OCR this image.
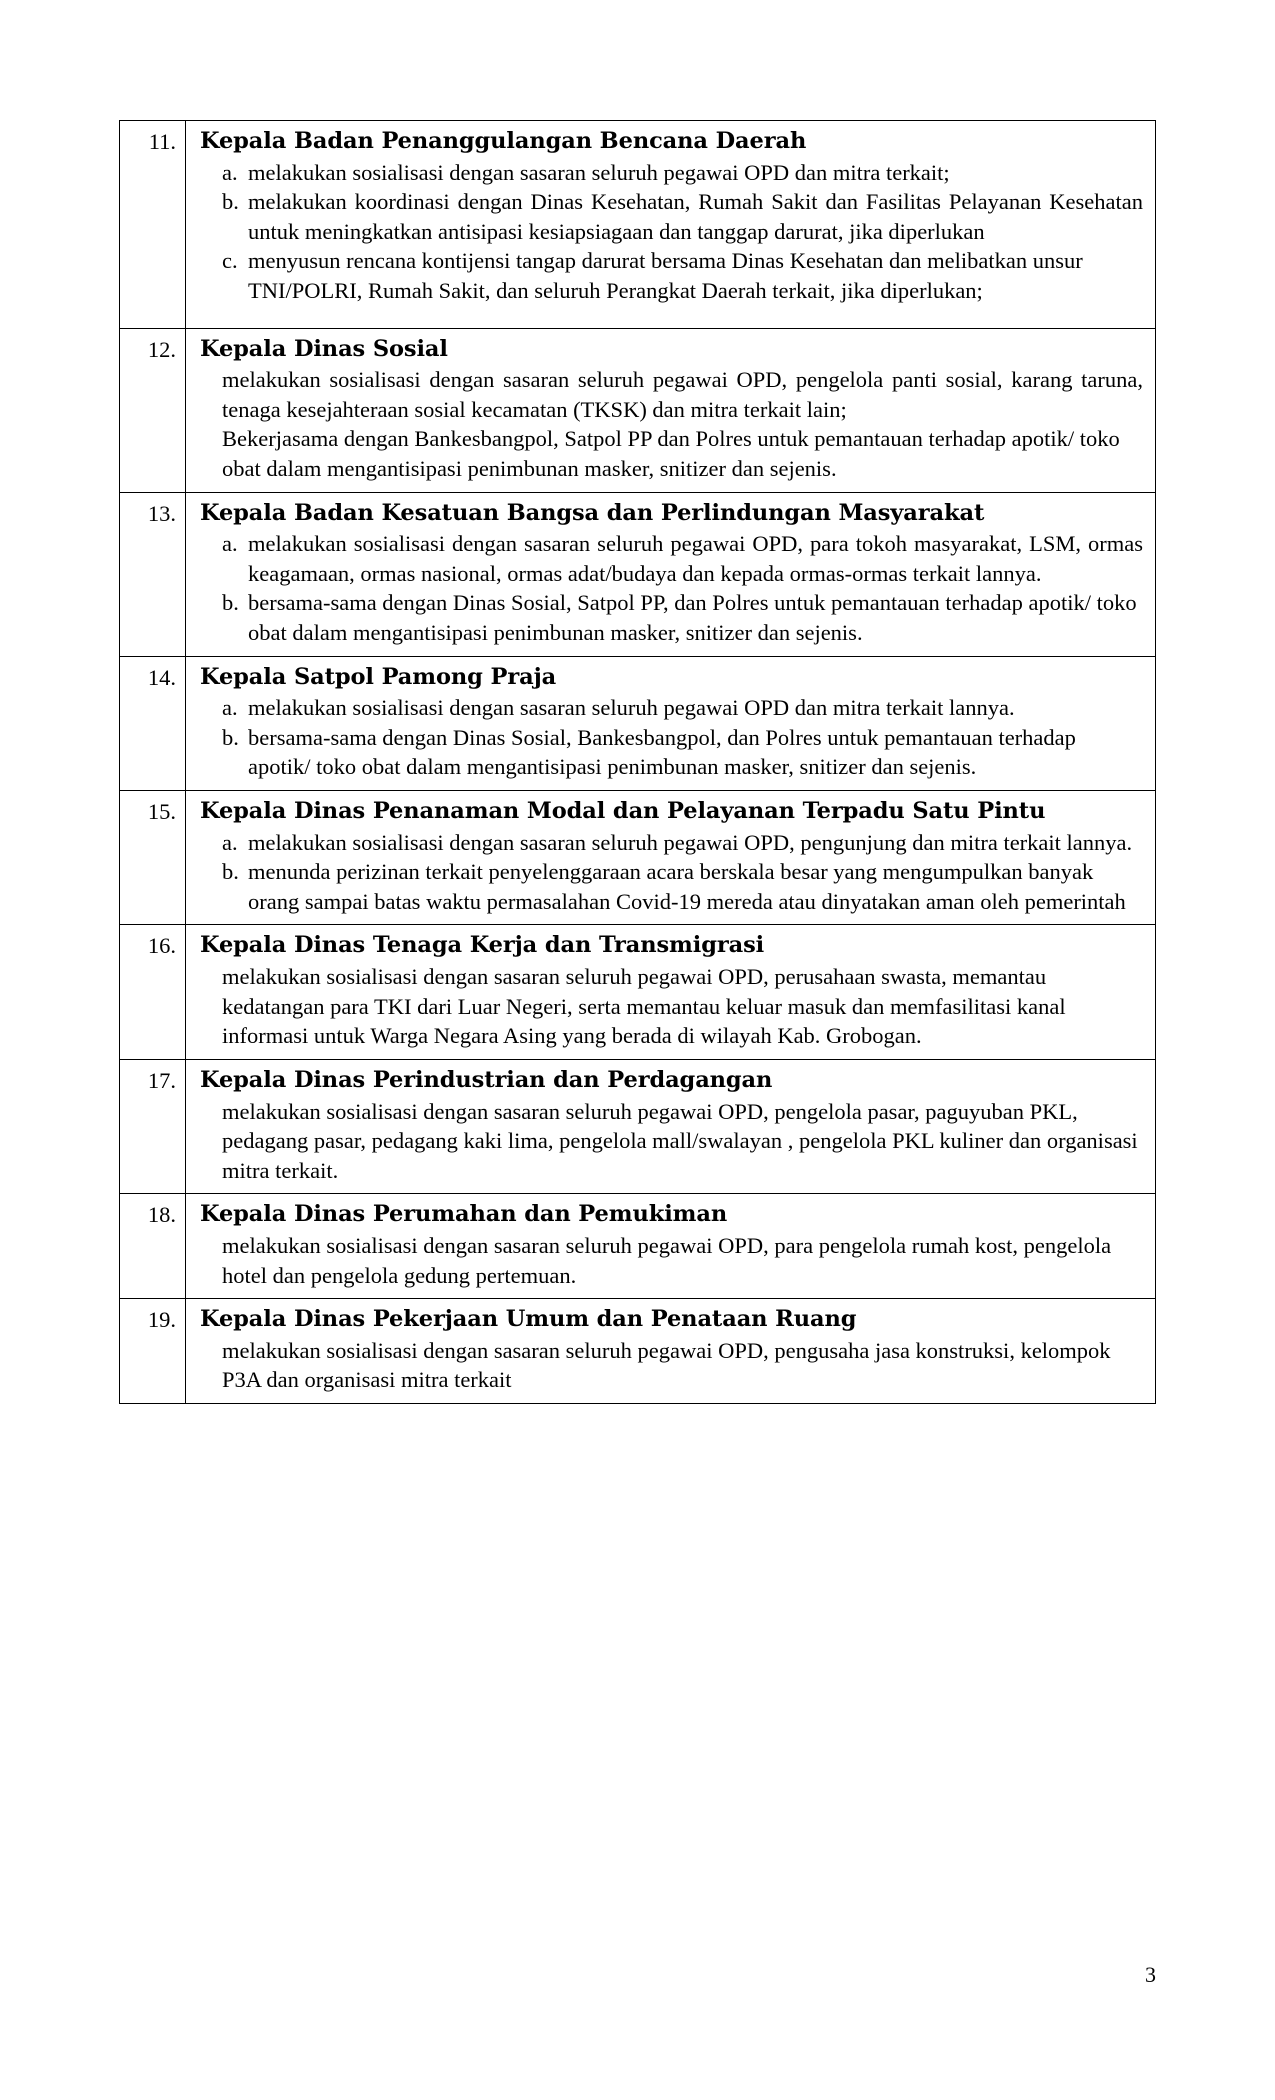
11.	Kepala Badan Penanggulangan Bencana Daerah
a. melakukan sosialisasi dengan sasaran seluruh pegawai OPD dan mitra terkait;
b. melakukan koordinasi dengan Dinas Kesehatan, Rumah Sakit dan Fasilitas Pelayanan Kesehatan untuk meningkatkan antisipasi kesiapsiagaan dan tanggap darurat, jika diperlukan
c. menyusun rencana kontijensi tangap darurat bersama Dinas Kesehatan dan melibatkan unsur TNI/POLRI, Rumah Sakit, dan seluruh Perangkat Daerah terkait, jika diperlukan;

12.	Kepala Dinas Sosial
melakukan sosialisasi dengan sasaran seluruh pegawai OPD, pengelola panti sosial, karang taruna, tenaga kesejahteraan sosial kecamatan (TKSK) dan mitra terkait lain;
Bekerjasama dengan Bankesbangpol, Satpol PP dan Polres untuk pemantauan terhadap apotik/ toko obat dalam mengantisipasi penimbunan masker, snitizer dan sejenis.

13.	Kepala Badan Kesatuan Bangsa dan Perlindungan Masyarakat
a. melakukan sosialisasi dengan sasaran seluruh pegawai OPD, para tokoh masyarakat, LSM, ormas keagamaan, ormas nasional, ormas adat/budaya dan kepada ormas-ormas terkait lannya.
b. bersama-sama dengan Dinas Sosial, Satpol PP, dan Polres untuk pemantauan terhadap apotik/ toko obat dalam mengantisipasi penimbunan masker, snitizer dan sejenis.

14.	Kepala Satpol Pamong Praja
a. melakukan sosialisasi dengan sasaran seluruh pegawai OPD dan mitra terkait lannya.
b. bersama-sama dengan Dinas Sosial, Bankesbangpol, dan Polres untuk pemantauan terhadap apotik/ toko obat dalam mengantisipasi penimbunan masker, snitizer dan sejenis.

15.	Kepala Dinas Penanaman Modal dan Pelayanan Terpadu Satu Pintu
a. melakukan sosialisasi dengan sasaran seluruh pegawai OPD, pengunjung dan mitra terkait lannya.
b. menunda perizinan terkait penyelenggaraan acara berskala besar yang mengumpulkan banyak orang sampai batas waktu permasalahan Covid-19 mereda atau dinyatakan aman oleh pemerintah

16.	Kepala Dinas Tenaga Kerja dan Transmigrasi
melakukan sosialisasi dengan sasaran seluruh pegawai OPD, perusahaan swasta, memantau kedatangan para TKI dari Luar Negeri, serta memantau keluar masuk dan memfasilitasi kanal informasi untuk Warga Negara Asing yang berada di wilayah Kab. Grobogan.

17.	Kepala Dinas Perindustrian dan Perdagangan
melakukan sosialisasi dengan sasaran seluruh pegawai OPD, pengelola pasar, paguyuban PKL, pedagang pasar, pedagang kaki lima, pengelola mall/swalayan , pengelola PKL kuliner dan organisasi mitra terkait.

18.	Kepala Dinas Perumahan dan Pemukiman
melakukan sosialisasi dengan sasaran seluruh pegawai OPD, para pengelola rumah kost, pengelola hotel dan pengelola gedung pertemuan.

19.	Kepala Dinas Pekerjaan Umum dan Penataan Ruang
melakukan sosialisasi dengan sasaran seluruh pegawai OPD, pengusaha jasa konstruksi, kelompok P3A dan organisasi mitra terkait
3
